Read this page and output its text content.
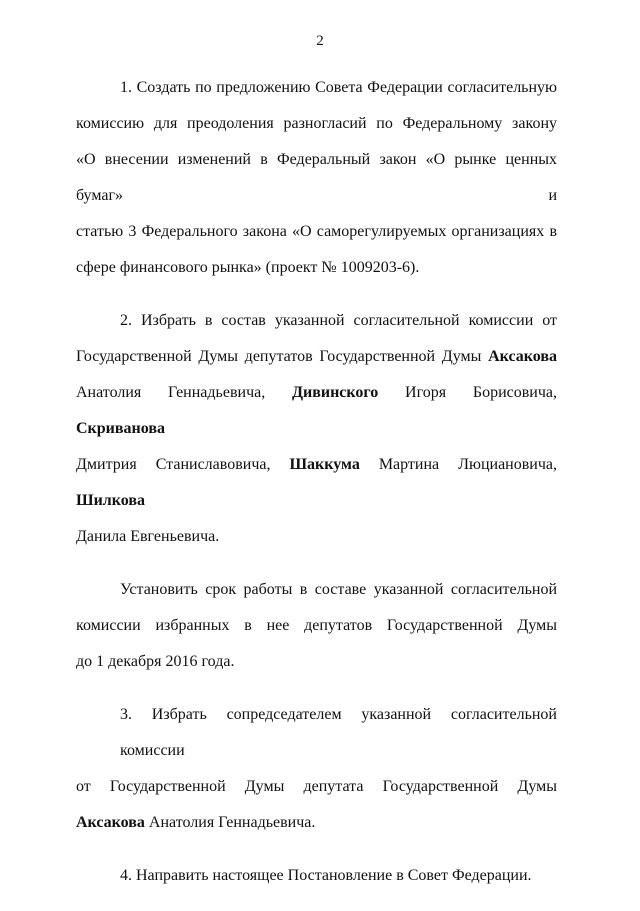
2
1. Создать по предложению Совета Федерации согласительную
комиссию для преодоления разногласий по Федеральному закону
«О внесении изменений в Федеральный закон «О рынке ценных бумаг» и
статью 3 Федерального закона «О саморегулируемых организациях в
сфере финансового рынка» (проект № 1009203-6).
2. Избрать в состав указанной согласительной комиссии от
Государственной Думы депутатов Государственной Думы Аксакова
Анатолия Геннадьевича, Дивинского Игоря Борисовича, Скриванова
Дмитрия Станиславовича, Шаккума Мартина Люциановича, Шилкова
Данила Евгеньевича.
Установить срок работы в составе указанной согласительной
комиссии избранных в нее депутатов Государственной Думы
до 1 декабря 2016 года.
3. Избрать сопредседателем указанной согласительной комиссии
от Государственной Думы депутата Государственной Думы
Аксакова Анатолия Геннадьевича.
4. Направить настоящее Постановление в Совет Федерации.
